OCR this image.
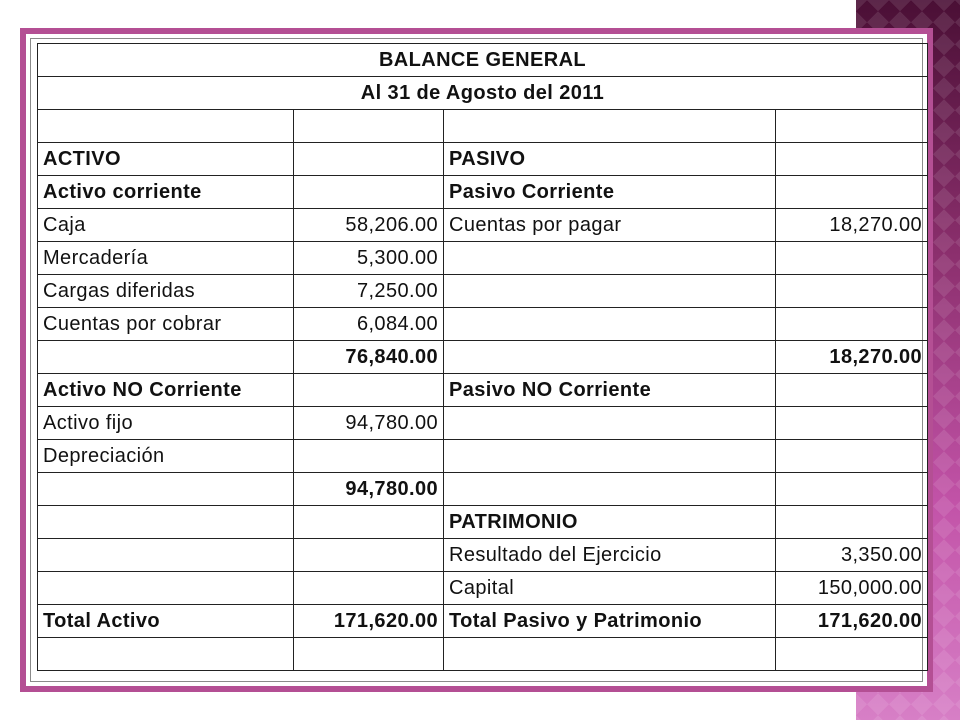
BALANCE GENERAL			
Al 31 de Agosto del 2011			

ACTIVO		PASIVO	
Activo corriente		Pasivo Corriente	
Caja	58,206.00	Cuentas por pagar	18,270.00
Mercadería	5,300.00		
Cargas diferidas	7,250.00		
Cuentas por cobrar	6,084.00		
	76,840.00		18,270.00
Activo NO Corriente		Pasivo NO Corriente	
Activo fijo	94,780.00		
Depreciación			
	94,780.00		
		PATRIMONIO	
		Resultado del Ejercicio	3,350.00
		Capital	150,000.00
Total Activo	171,620.00	Total Pasivo y Patrimonio	171,620.00
